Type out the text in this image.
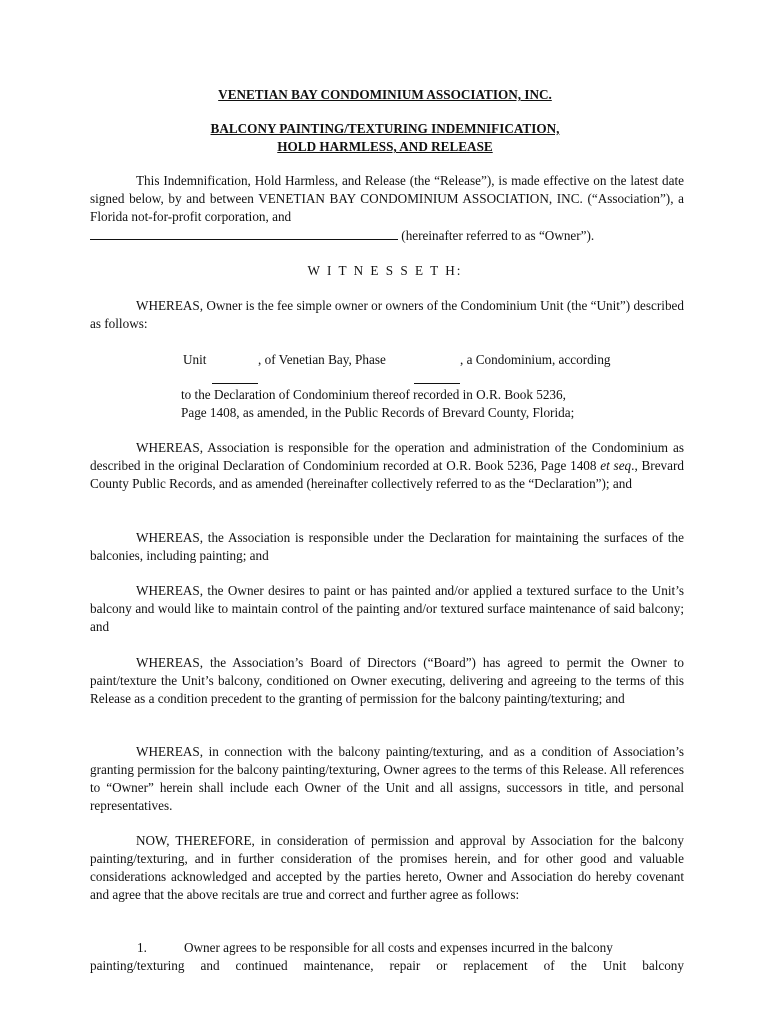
VENETIAN BAY CONDOMINIUM ASSOCIATION, INC.
BALCONY PAINTING/TEXTURING INDEMNIFICATION,
HOLD HARMLESS, AND RELEASE
This Indemnification, Hold Harmless, and Release (the “Release”), is made effective on the latest date signed below, by and between VENETIAN BAY CONDOMINIUM ASSOCIATION, INC. (“Association”), a Florida not-for-profit corporation, and
(hereinafter referred to as “Owner”).
W I T N E S S E T H:
WHEREAS, Owner is the fee simple owner or owners of the Condominium Unit (the “Unit”) described as follows:
Unit	, of Venetian Bay, Phase	, a Condominium, according
to the Declaration of Condominium thereof recorded in O.R. Book 5236,
Page 1408, as amended, in the Public Records of Brevard County, Florida;
WHEREAS, Association is responsible for the operation and administration of the Condominium as described in the original Declaration of Condominium recorded at O.R. Book 5236, Page 1408 et seq., Brevard County Public Records, and as amended (hereinafter collectively referred to as the “Declaration”); and
WHEREAS, the Association is responsible under the Declaration for maintaining the surfaces of the balconies, including painting; and
WHEREAS, the Owner desires to paint or has painted and/or applied a textured surface to the Unit’s balcony and would like to maintain control of the painting and/or textured surface maintenance of said balcony; and
WHEREAS, the Association’s Board of Directors (“Board”) has agreed to permit the Owner to paint/texture the Unit’s balcony, conditioned on Owner executing, delivering and agreeing to the terms of this Release as a condition precedent to the granting of permission for the balcony painting/texturing; and
WHEREAS, in connection with the balcony painting/texturing, and as a condition of Association’s granting permission for the balcony painting/texturing, Owner agrees to the terms of this Release. All references to “Owner” herein shall include each Owner of the Unit and all assigns, successors in title, and personal representatives.
NOW, THEREFORE, in consideration of permission and approval by Association for the balcony painting/texturing, and in further consideration of the promises herein, and for other good and valuable considerations acknowledged and accepted by the parties hereto, Owner and Association do hereby covenant and agree that the above recitals are true and correct and further agree as follows:
1.	Owner agrees to be responsible for all costs and expenses incurred in the balcony
painting/texturing and continued maintenance, repair or replacement of the Unit balcony
